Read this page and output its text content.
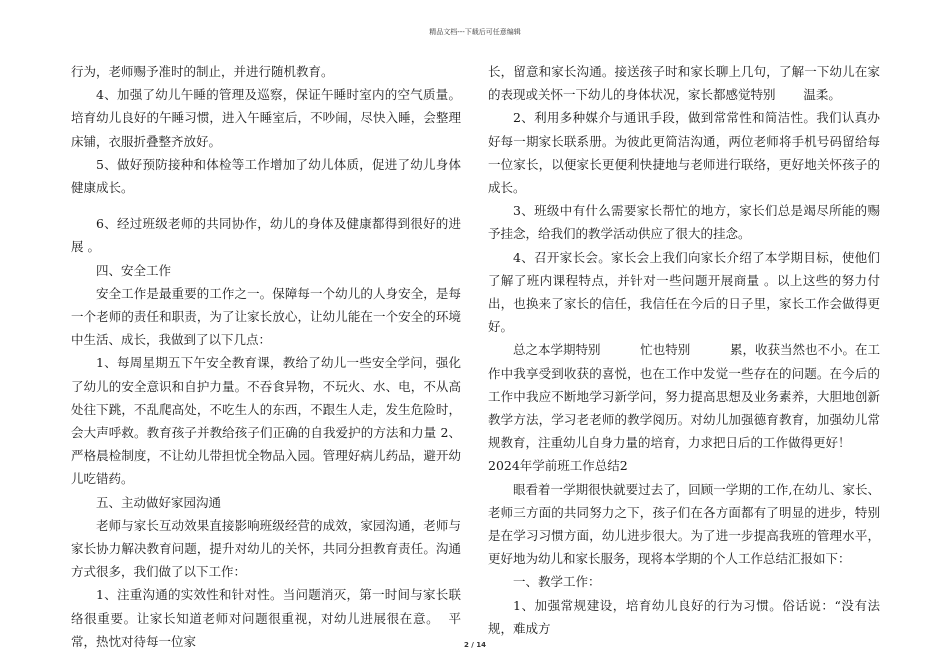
精品文档---下载后可任意编辑

行为，老师赐予准时的制止，并进行随机教育。

4、加强了幼儿午睡的管理及巡察，保证午睡时室内的空气质量。培育幼儿良好的午睡习惯，进入午睡室后，不吵闹，尽快入睡，会整理床铺，衣服折叠整齐放好。

5、做好预防接种和体检等工作增加了幼儿体质，促进了幼儿身体健康成长。

6、经过班级老师的共同协作，幼儿的身体及健康都得到很好的进展 。

四、安全工作

安全工作是最重要的工作之一。保障每一个幼儿的人身安全，是每一个老师的责任和职责，为了让家长放心，让幼儿能在一个安全的环境中生活、成长，我做到了以下几点：

1、每周星期五下午安全教育课，教给了幼儿一些安全学问，强化了幼儿的安全意识和自护力量。不吞食异物，不玩火、水、电，不从高处往下跳，不乱爬高处，不吃生人的东西，不跟生人走，发生危险时，会大声呼救。教育孩子并教给孩子们正确的自我爱护的方法和力量 2、严格晨检制度，不让幼儿带担忧全物品入园。管理好病儿药品，避开幼儿吃错药。

五、主动做好家园沟通

老师与家长互动效果直接影响班级经营的成效，家园沟通，老师与家长协力解决教育问题，提升对幼儿的关怀，共同分担教育责任。沟通方式很多，我们做了以下工作：

1、注重沟通的实效性和针对性。当问题消灭，第一时间与家长联络很重要。让家长知道老师对问题很重视，对幼儿进展很在意。  平常，热忱对待每一位家

长，留意和家长沟通。接送孩子时和家长聊上几句，了解一下幼儿在家的表现或关怀一下幼儿的身体状况，家长都感觉特别       温柔。

2、利用多种媒介与通讯手段，做到常常性和简洁性。我们认真办好每一期家长联系册。为彼此更简洁沟通，两位老师将手机号码留给每一位家长，以便家长更便利快捷地与老师进行联络，更好地关怀孩子的成长。

3、班级中有什么需要家长帮忙的地方，家长们总是竭尽所能的赐予挂念，给我们的教学活动供应了很大的挂念。

4、召开家长会。家长会上我们向家长介绍了本学期目标，使他们了解了班内课程特点，并针对一些问题开展商量 。以上这些的努力付出，也换来了家长的信任，我信任在今后的日子里，家长工作会做得更好。

总之本学期特别          忙也特别          累，收获当然也不小。在工作中我享受到收获的喜悦，也在工作中发觉一些存在的问题。在今后的工作中我应不断地学习新学问，努力提高思想及业务素养，大胆地创新教学方法，学习老老师的教学阅历。对幼儿加强德育教育，加强幼儿常规教育，注重幼儿自身力量的培育，力求把日后的工作做得更好！

2024年学前班工作总结2

眼看着一学期很快就要过去了，回顾一学期的工作,在幼儿、家长、老师三方面的共同努力之下，孩子们在各方面都有了明显的进步，特别是在学习习惯方面，幼儿进步很大。为了进一步提高我班的管理水平，更好地为幼儿和家长服务，现将本学期的个人工作总结汇报如下：

一、教学工作：

1、加强常规建设，培育幼儿良好的行为习惯。俗话说：“没有法规，难成方

2 / 14
